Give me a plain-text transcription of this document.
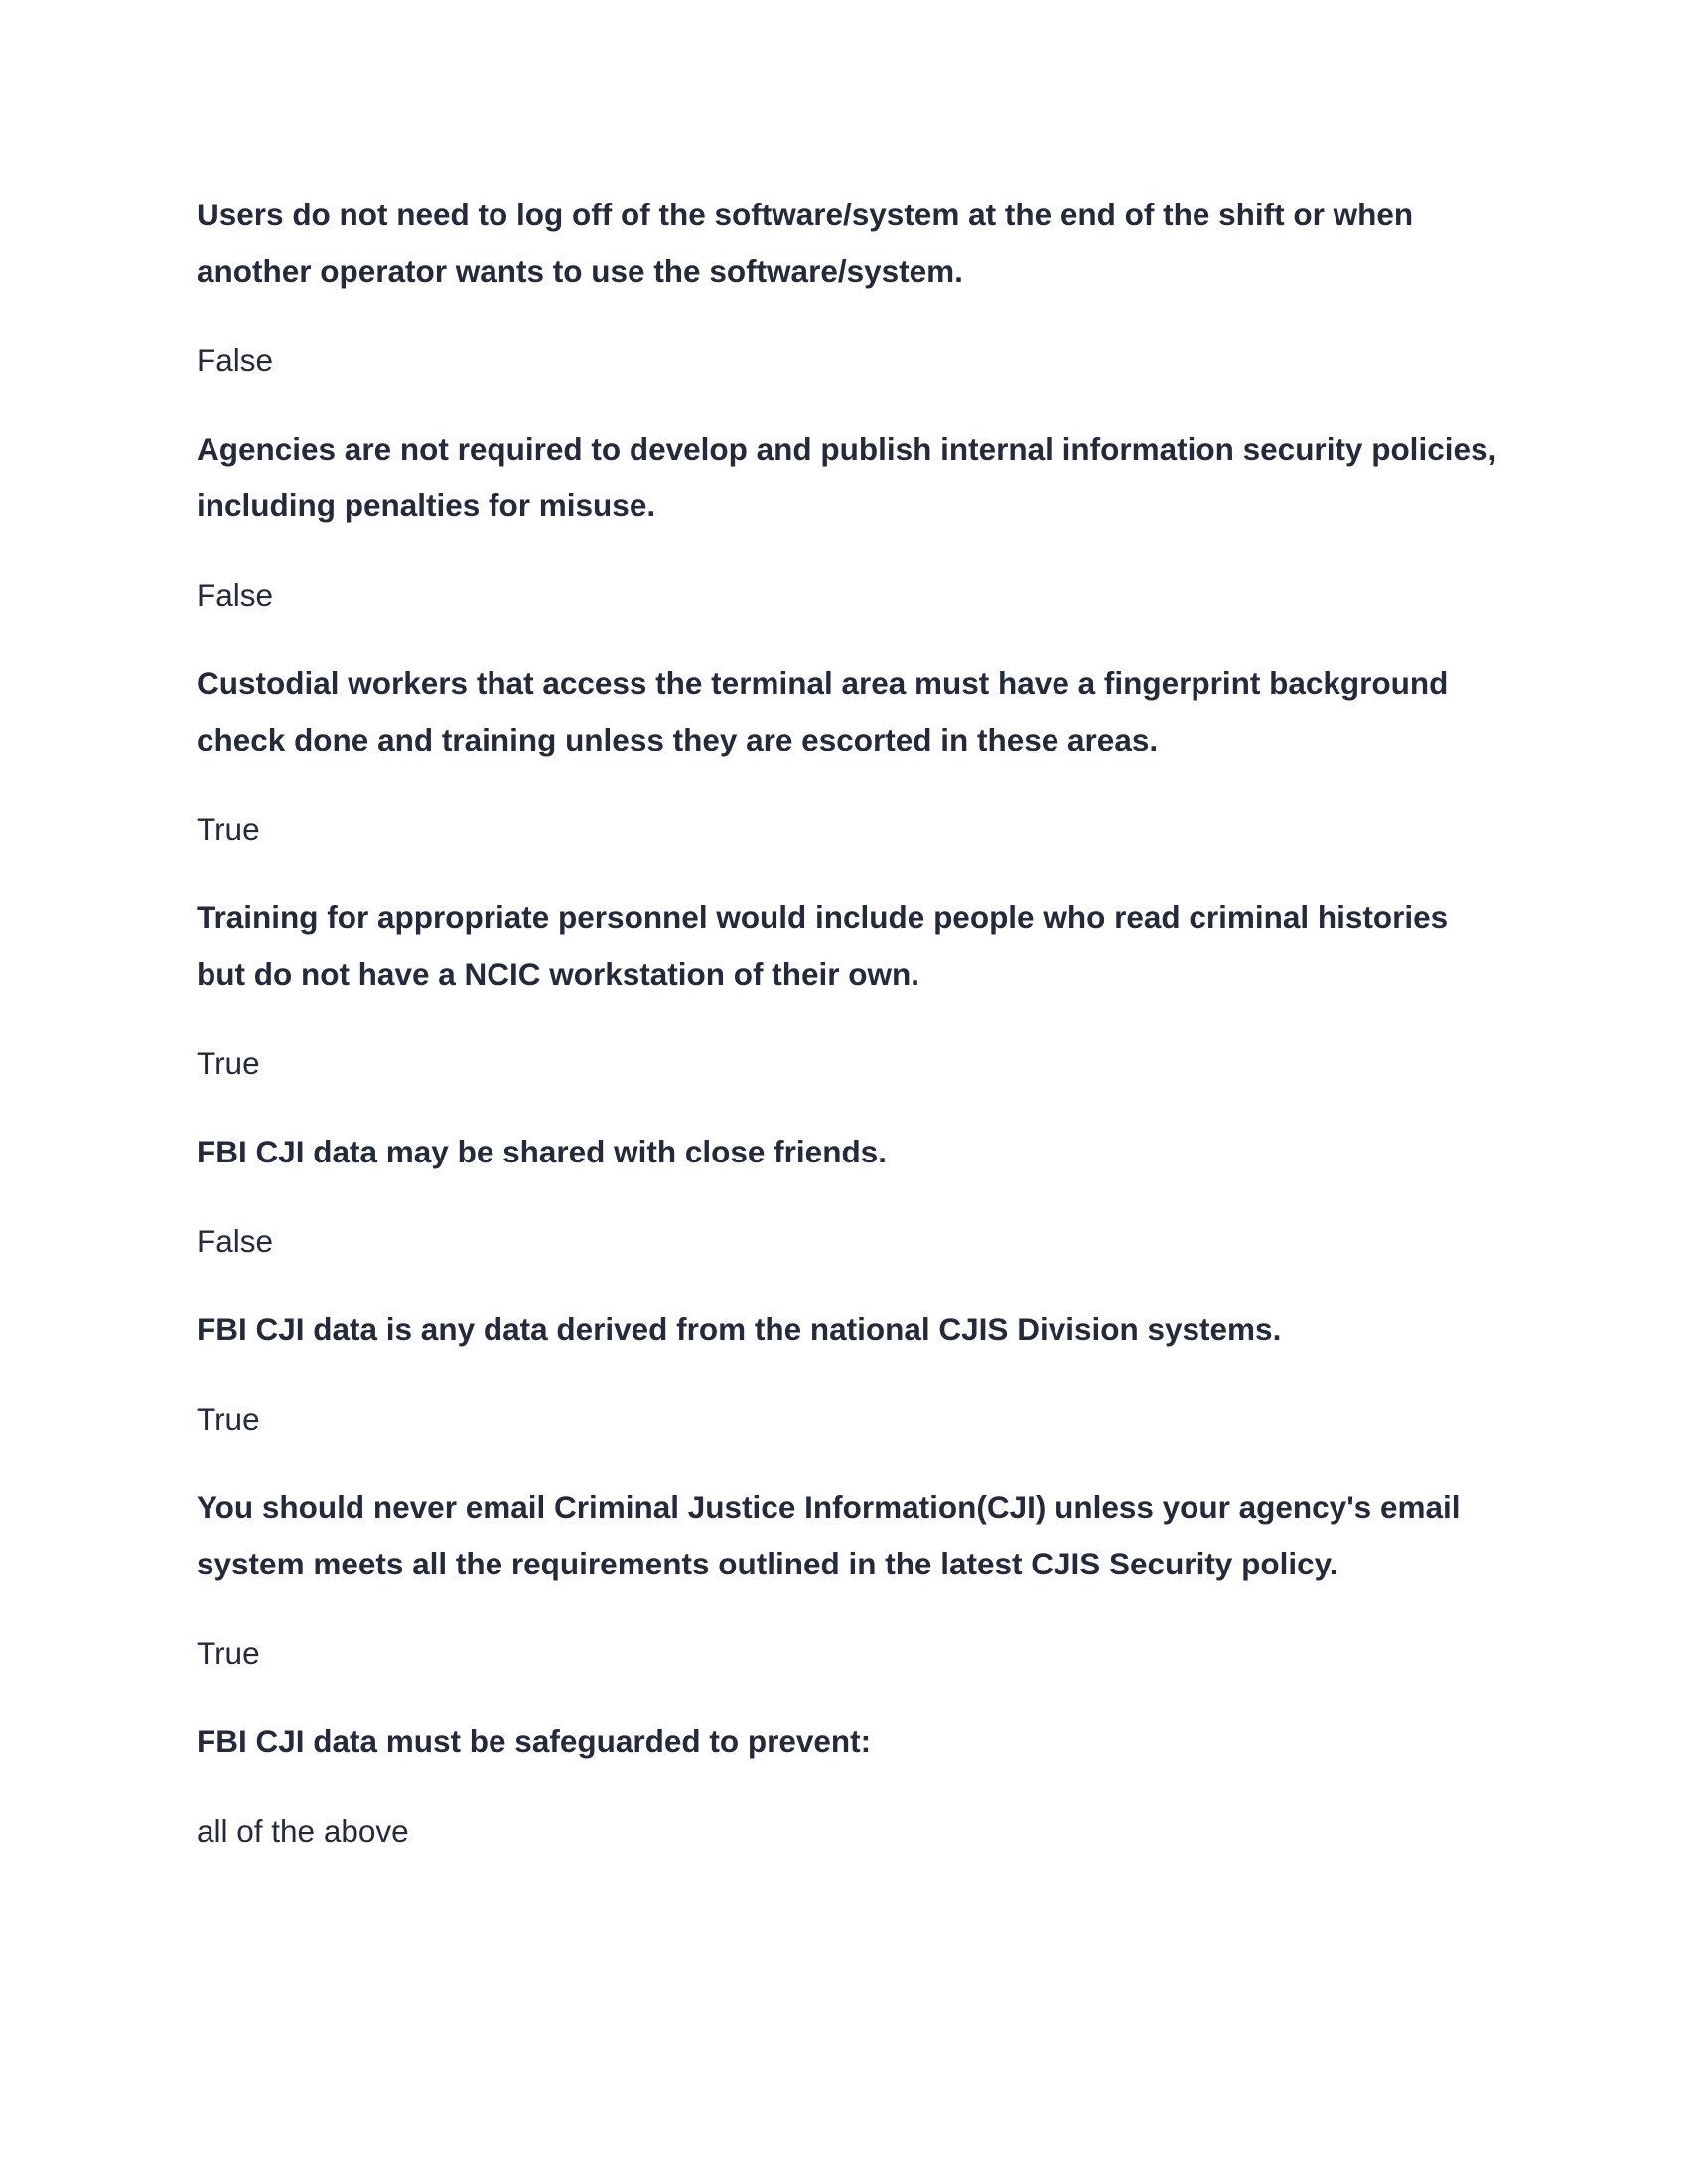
Users do not need to log off of the software/system at the end of the shift or when another operator wants to use the software/system.

False

Agencies are not required to develop and publish internal information security policies, including penalties for misuse.

False

Custodial workers that access the terminal area must have a fingerprint background check done and training unless they are escorted in these areas.

True

Training for appropriate personnel would include people who read criminal histories but do not have a NCIC workstation of their own.

True

FBI CJI data may be shared with close friends.

False

FBI CJI data is any data derived from the national CJIS Division systems.

True

You should never email Criminal Justice Information(CJI) unless your agency's email system meets all the requirements outlined in the latest CJIS Security policy.

True

FBI CJI data must be safeguarded to prevent:

all of the above
